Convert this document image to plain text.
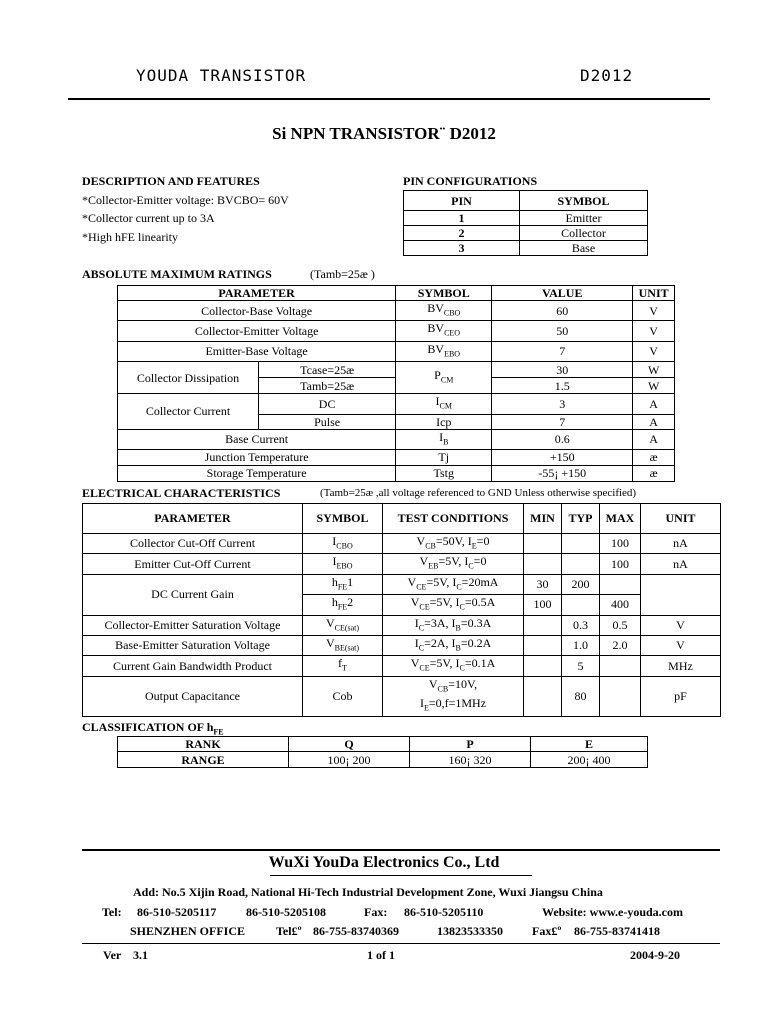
YOUDA TRANSISTOR	D2012
Si NPN TRANSISTOR¨ D2012
DESCRIPTION AND FEATURES
*Collector-Emitter voltage: BVCBO= 60V
*Collector current up to 3A
*High hFE linearity
PIN CONFIGURATIONS
PIN	SYMBOL
1	Emitter
2	Collector
3	Base
ABSOLUTE MAXIMUM RATINGS	(Tamb=25æ )
PARAMETER		SYMBOL	VALUE	UNIT
Collector-Base Voltage		$BV_{CBO}$	60	V
Collector-Emitter Voltage		$BV_{CEO}$	50	V
Emitter-Base Voltage		$BV_{EBO}$	7	V
Collector Dissipation	Tcase=25æ	$P_{CM}$	30	W
	Tamb=25æ		1.5	W
Collector Current	DC	$I_{CM}$	3	A
	Pulse	Icp	7	A
Base Current		$I_B$	0.6	A
Junction Temperature		Tj	+150	æ
Storage Temperature		Tstg	-55¡ +150	æ
ELECTRICAL CHARACTERISTICS	(Tamb=25æ ,all voltage referenced to GND Unless otherwise specified)
PARAMETER	SYMBOL	TEST CONDITIONS	MIN	TYP	MAX	UNIT
Collector Cut-Off Current	$I_{CBO}$	$V_{CB}=50V$, $I_E=0$			100	nA
Emitter Cut-Off Current	$I_{EBO}$	$V_{EB}=5V$, $I_C=0$			100	nA
DC Current Gain	$h_{FE}1$	$V_{CE}=5V$, $I_C=20mA$	30	200		
	$h_{FE}2$	$V_{CE}=5V$, $I_C=0.5A$	100		400	
Collector-Emitter Saturation Voltage	$V_{CE(sat)}$	$I_C=3A$, $I_B=0.3A$		0.3	0.5	V
Base-Emitter Saturation Voltage	$V_{BE(sat)}$	$I_C=2A$, $I_B=0.2A$		1.0	2.0	V
Current Gain Bandwidth Product	$f_T$	$V_{CE}=5V$, $I_C=0.1A$		5		MHz
Output Capacitance	Cob	$V_{CB}=10V$,
$I_E=0,f=1MHz$		80		pF
CLASSIFICATION OF $h_{FE}$
RANK	Q	P	E
RANGE	100¡ 200	160¡ 320	200¡ 400
WuXi YouDa Electronics Co., Ltd
Add: No.5 Xijin Road, National Hi-Tech Industrial Development Zone, Wuxi Jiangsu China
Tel: 86-510-5205117 86-510-5205108	Fax: 86-510-5205110	Website: www.e-youda.com
SHENZHEN OFFICE	Tel£º 86-755-83740369	13823533350 Fax£º 86-755-83741418
Ver    3.1	1 of 1	2004-9-20
